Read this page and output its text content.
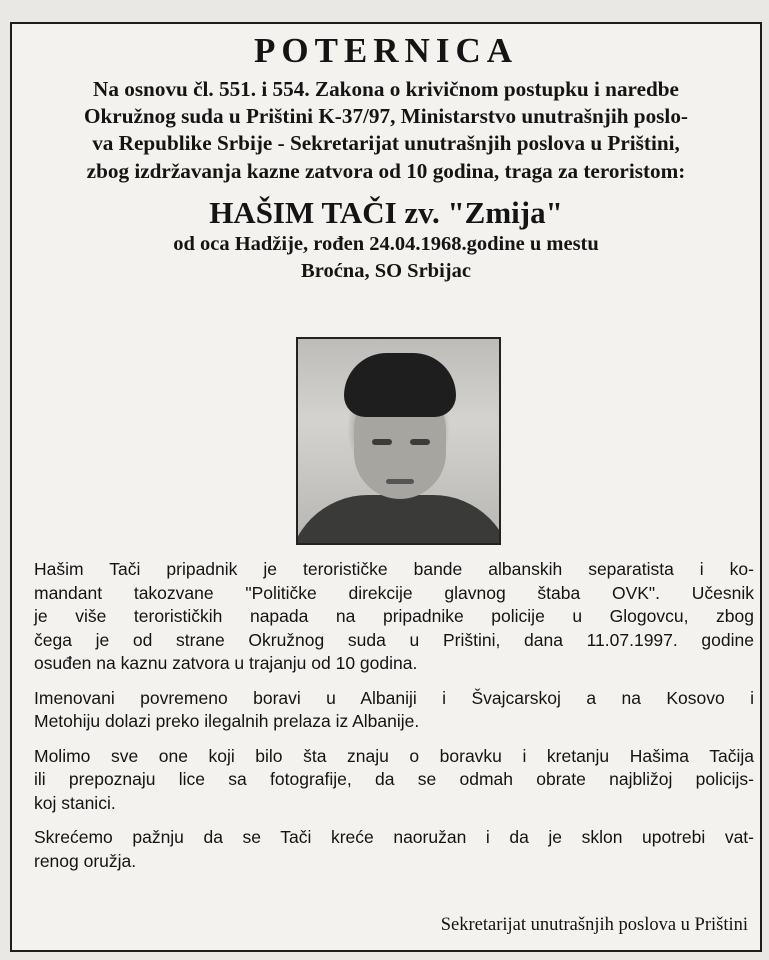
POTERNICA
Na osnovu čl. 551. i 554. Zakona o krivičnom postupku i naredbe
Okružnog suda u Prištini K-37/97, Ministarstvo unutrašnjih poslo-
va Republike Srbije - Sekretarijat unutrašnjih poslova u Prištini,
zbog izdržavanja kazne zatvora od 10 godina, traga za teroristom:
HAŠIM TAČI zv. "Zmija"
od oca Hadžije, rođen 24.04.1968.godine u mestu
Broćna, SO Srbijac

Hašim Tači pripadnik je terorističke bande albanskih separatista i ko-
mandant takozvane "Političke direkcije glavnog štaba OVK". Učesnik
je više terorističkih napada na pripadnike policije u Glogovcu, zbog
čega je od strane Okružnog suda u Prištini, dana 11.07.1997. godine
osuđen na kaznu zatvora u trajanju od 10 godina.

Imenovani povremeno boravi u Albaniji i Švajcarskoj a na Kosovo i
Metohiju dolazi preko ilegalnih prelaza iz Albanije.

Molimo sve one koji bilo šta znaju o boravku i kretanju Hašima Tačija
ili prepoznaju lice sa fotografije, da se odmah obrate najbližoj policijs-
koj stanici.

Skrećemo pažnju da se Tači kreće naoružan i da je sklon upotrebi vat-
renog oružja.

Sekretarijat unutrašnjih poslova u Prištini
